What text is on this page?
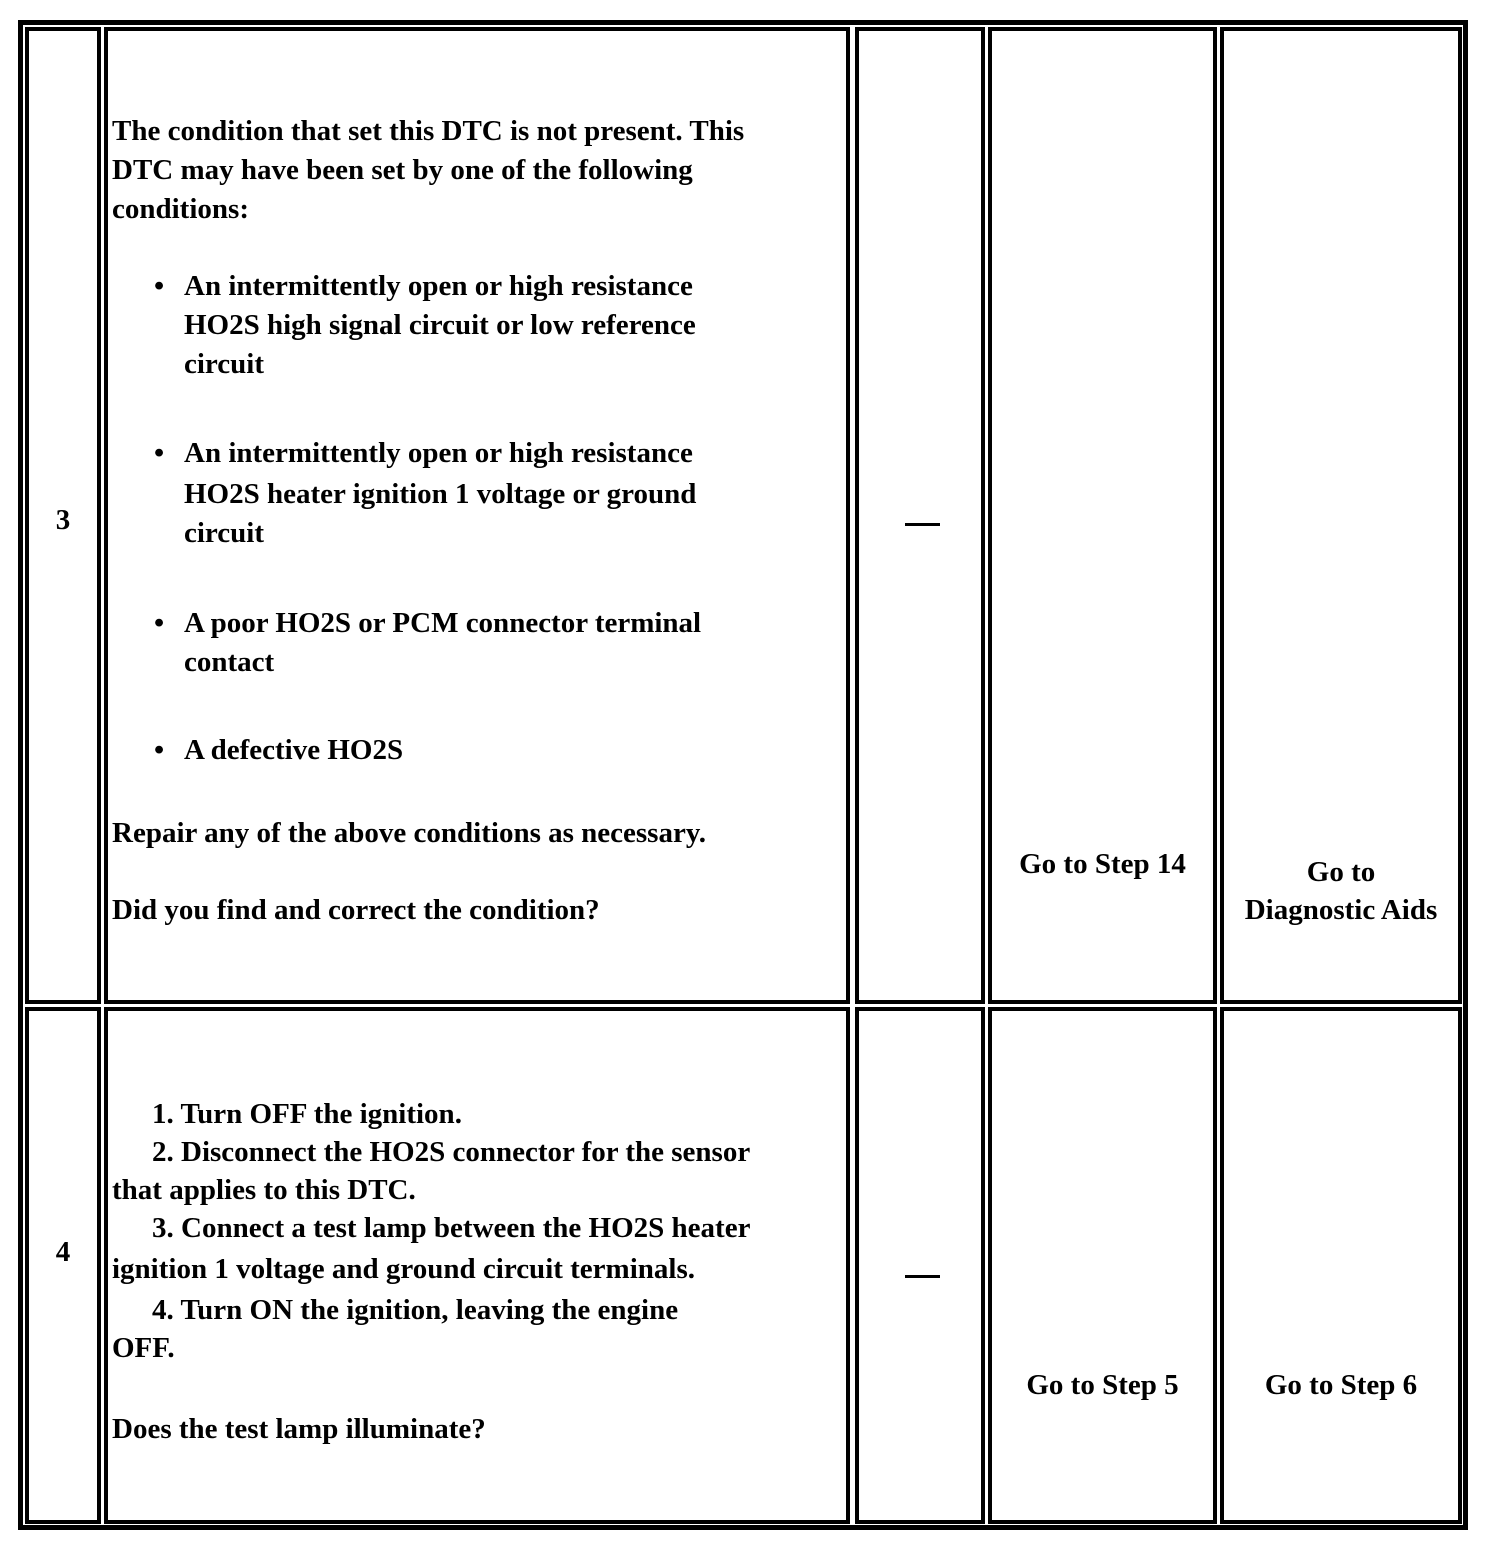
3
The condition that set this DTC is not present. This
DTC may have been set by one of the following
conditions:
• An intermittently open or high resistance
HO2S high signal circuit or low reference
circuit
• An intermittently open or high resistance
HO2S heater ignition 1 voltage or ground
circuit
• A poor HO2S or PCM connector terminal
contact
• A defective HO2S
Repair any of the above conditions as necessary.
Did you find and correct the condition?
Go to Step 14	Go to
Diagnostic Aids
4
1. Turn OFF the ignition.
2. Disconnect the HO2S connector for the sensor
that applies to this DTC.
3. Connect a test lamp between the HO2S heater
ignition 1 voltage and ground circuit terminals.
4. Turn ON the ignition, leaving the engine
OFF.
Does the test lamp illuminate?
Go to Step 5	Go to Step 6
